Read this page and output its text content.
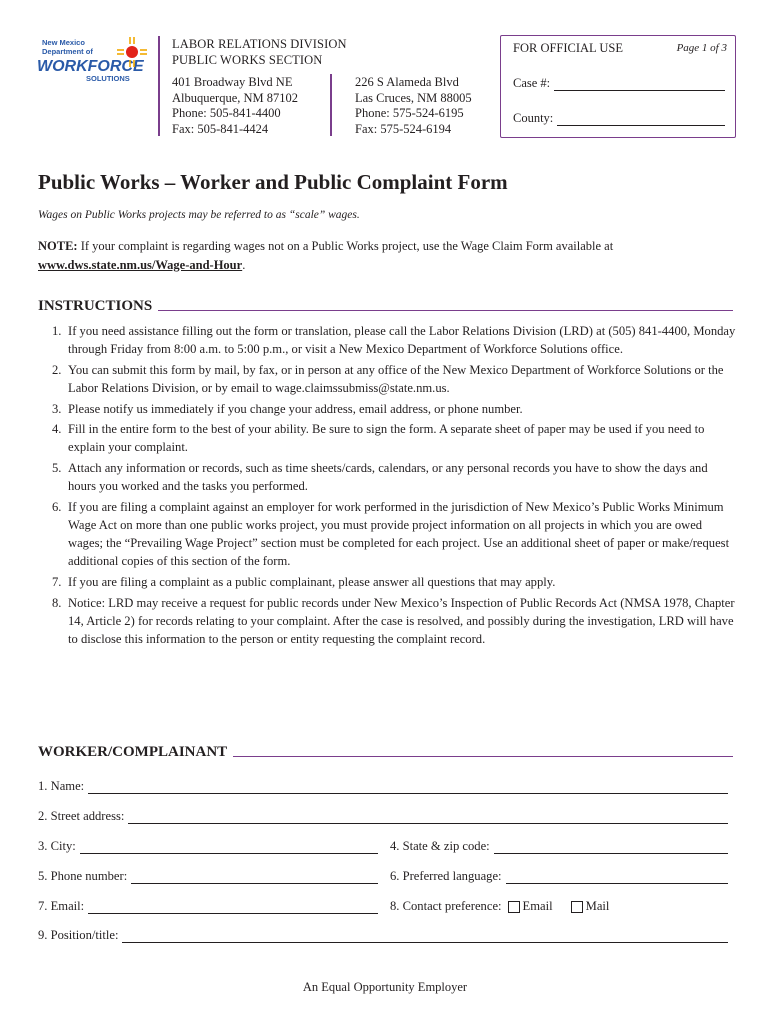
New Mexico
Department of
WORKFORCE
SOLUTIONS
LABOR RELATIONS DIVISION
PUBLIC WORKS SECTION
401 Broadway Blvd NE
Albuquerque, NM 87102
Phone: 505-841-4400
Fax: 505-841-4424
226 S Alameda Blvd
Las Cruces, NM 88005
Phone: 575-524-6195
Fax: 575-524-6194
FOR OFFICIAL USE	Page 1 of 3
Case #:
County:
Public Works – Worker and Public Complaint Form
Wages on Public Works projects may be referred to as “scale” wages.
NOTE: If your complaint is regarding wages not on a Public Works project, use the Wage Claim Form available at www.dws.state.nm.us/Wage-and-Hour.
INSTRUCTIONS
1. If you need assistance filling out the form or translation, please call the Labor Relations Division (LRD) at (505) 841-4400, Monday through Friday from 8:00 a.m. to 5:00 p.m., or visit a New Mexico Department of Workforce Solutions office.
2. You can submit this form by mail, by fax, or in person at any office of the New Mexico Department of Workforce Solutions or the Labor Relations Division, or by email to wage.claimssubmiss@state.nm.us.
3. Please notify us immediately if you change your address, email address, or phone number.
4. Fill in the entire form to the best of your ability. Be sure to sign the form. A separate sheet of paper may be used if you need to explain your complaint.
5. Attach any information or records, such as time sheets/cards, calendars, or any personal records you have to show the days and hours you worked and the tasks you performed.
6. If you are filing a complaint against an employer for work performed in the jurisdiction of New Mexico’s Public Works Minimum Wage Act on more than one public works project, you must provide project information on all projects in which you are owed wages; the “Prevailing Wage Project” section must be completed for each project. Use an additional sheet of paper or make/request additional copies of this section of the form.
7. If you are filing a complaint as a public complainant, please answer all questions that may apply.
8. Notice: LRD may receive a request for public records under New Mexico’s Inspection of Public Records Act (NMSA 1978, Chapter 14, Article 2) for records relating to your complaint. After the case is resolved, and possibly during the investigation, LRD will have to disclose this information to the person or entity requesting the complaint record.
WORKER/COMPLAINANT
1. Name:
2. Street address:
3. City:	4. State & zip code:
5. Phone number:	6. Preferred language:
7. Email:	8. Contact preference: Email	Mail
9. Position/title:
An Equal Opportunity Employer
